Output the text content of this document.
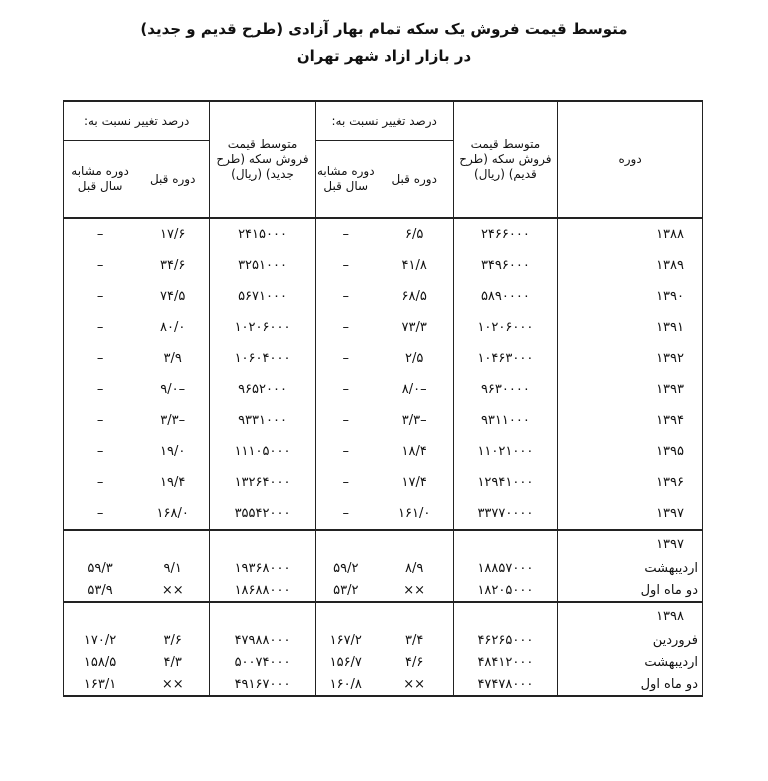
متوسط قیمت فروش یک سکه تمام بهار آزادی (طرح قدیم و جدید)
در بازار ازاد شهر تهران
دوره	متوسط قیمت فروش سکه (طرح قدیم) (ریال)	درصد تغییر نسبت به:		متوسط قیمت فروش سکه (طرح جدید) (ریال)	درصد تغییر نسبت به:	
		دوره قبل	دوره مشابه سال قبل		دوره قبل	دوره مشابه سال قبل
۱۳۸۸	۲۴۶۶۰۰۰	۶/۵	–	۲۴۱۵۰۰۰	۱۷/۶	–
۱۳۸۹	۳۴۹۶۰۰۰	۴۱/۸	–	۳۲۵۱۰۰۰	۳۴/۶	–
۱۳۹۰	۵۸۹۰۰۰۰	۶۸/۵	–	۵۶۷۱۰۰۰	۷۴/۵	–
۱۳۹۱	۱۰۲۰۶۰۰۰	۷۳/۳	–	۱۰۲۰۶۰۰۰	۸۰/۰	–
۱۳۹۲	۱۰۴۶۳۰۰۰	۲/۵	–	۱۰۶۰۴۰۰۰	۳/۹	–
۱۳۹۳	۹۶۳۰۰۰۰	–۸/۰	–	۹۶۵۲۰۰۰	–۹/۰	–
۱۳۹۴	۹۳۱۱۰۰۰	–۳/۳	–	۹۳۳۱۰۰۰	–۳/۳	–
۱۳۹۵	۱۱۰۲۱۰۰۰	۱۸/۴	–	۱۱۱۰۵۰۰۰	۱۹/۰	–
۱۳۹۶	۱۲۹۴۱۰۰۰	۱۷/۴	–	۱۳۲۶۴۰۰۰	۱۹/۴	–
۱۳۹۷	۳۳۷۷۰۰۰۰	۱۶۱/۰	–	۳۵۵۴۲۰۰۰	۱۶۸/۰	–
۱۳۹۷						
اردیبهشت	۱۸۸۵۷۰۰۰	۸/۹	۵۹/۲	۱۹۳۶۸۰۰۰	۹/۱	۵۹/۳
دو ماه اول	۱۸۲۰۵۰۰۰	××	۵۳/۲	۱۸۶۸۸۰۰۰	××	۵۳/۹
۱۳۹۸						
فروردین	۴۶۲۶۵۰۰۰	۳/۴	۱۶۷/۲	۴۷۹۸۸۰۰۰	۳/۶	۱۷۰/۲
اردیبهشت	۴۸۴۱۲۰۰۰	۴/۶	۱۵۶/۷	۵۰۰۷۴۰۰۰	۴/۳	۱۵۸/۵
دو ماه اول	۴۷۴۷۸۰۰۰	××	۱۶۰/۸	۴۹۱۶۷۰۰۰	××	۱۶۳/۱
